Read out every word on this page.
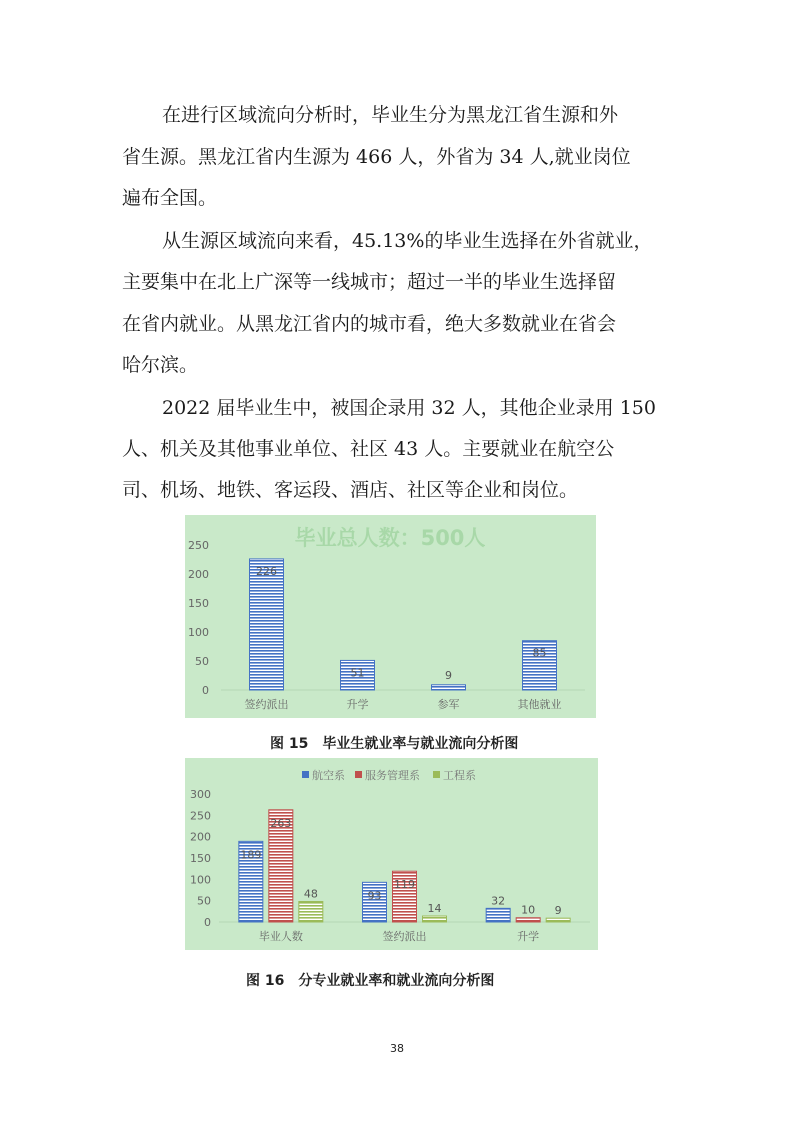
在进行区域流向分析时，毕业生分为黑龙江省生源和外
省生源。黑龙江省内生源为 466 人，外省为 34 人,就业岗位
遍布全国。
从生源区域流向来看，45.13%的毕业生选择在外省就业，
主要集中在北上广深等一线城市；超过一半的毕业生选择留
在省内就业。从黑龙江省内的城市看，绝大多数就业在省会
哈尔滨。
2022 届毕业生中，被国企录用 32 人，其他企业录用 150
人、机关及其他事业单位、社区 43 人。主要就业在航空公
司、机场、地铁、客运段、酒店、社区等企业和岗位。
毕业总人数：500人
0
50
100
150
200
250
226
签约派出
51
升学
9
参军
85
其他就业
图 15　毕业生就业率与就业流向分析图
航空系 服务管理系 工程系
0
50
100
150
200
250
300
189
263
48
毕业人数
93
119
14
签约派出
32
10 9
升学
图 16　分专业就业率和就业流向分析图
38
